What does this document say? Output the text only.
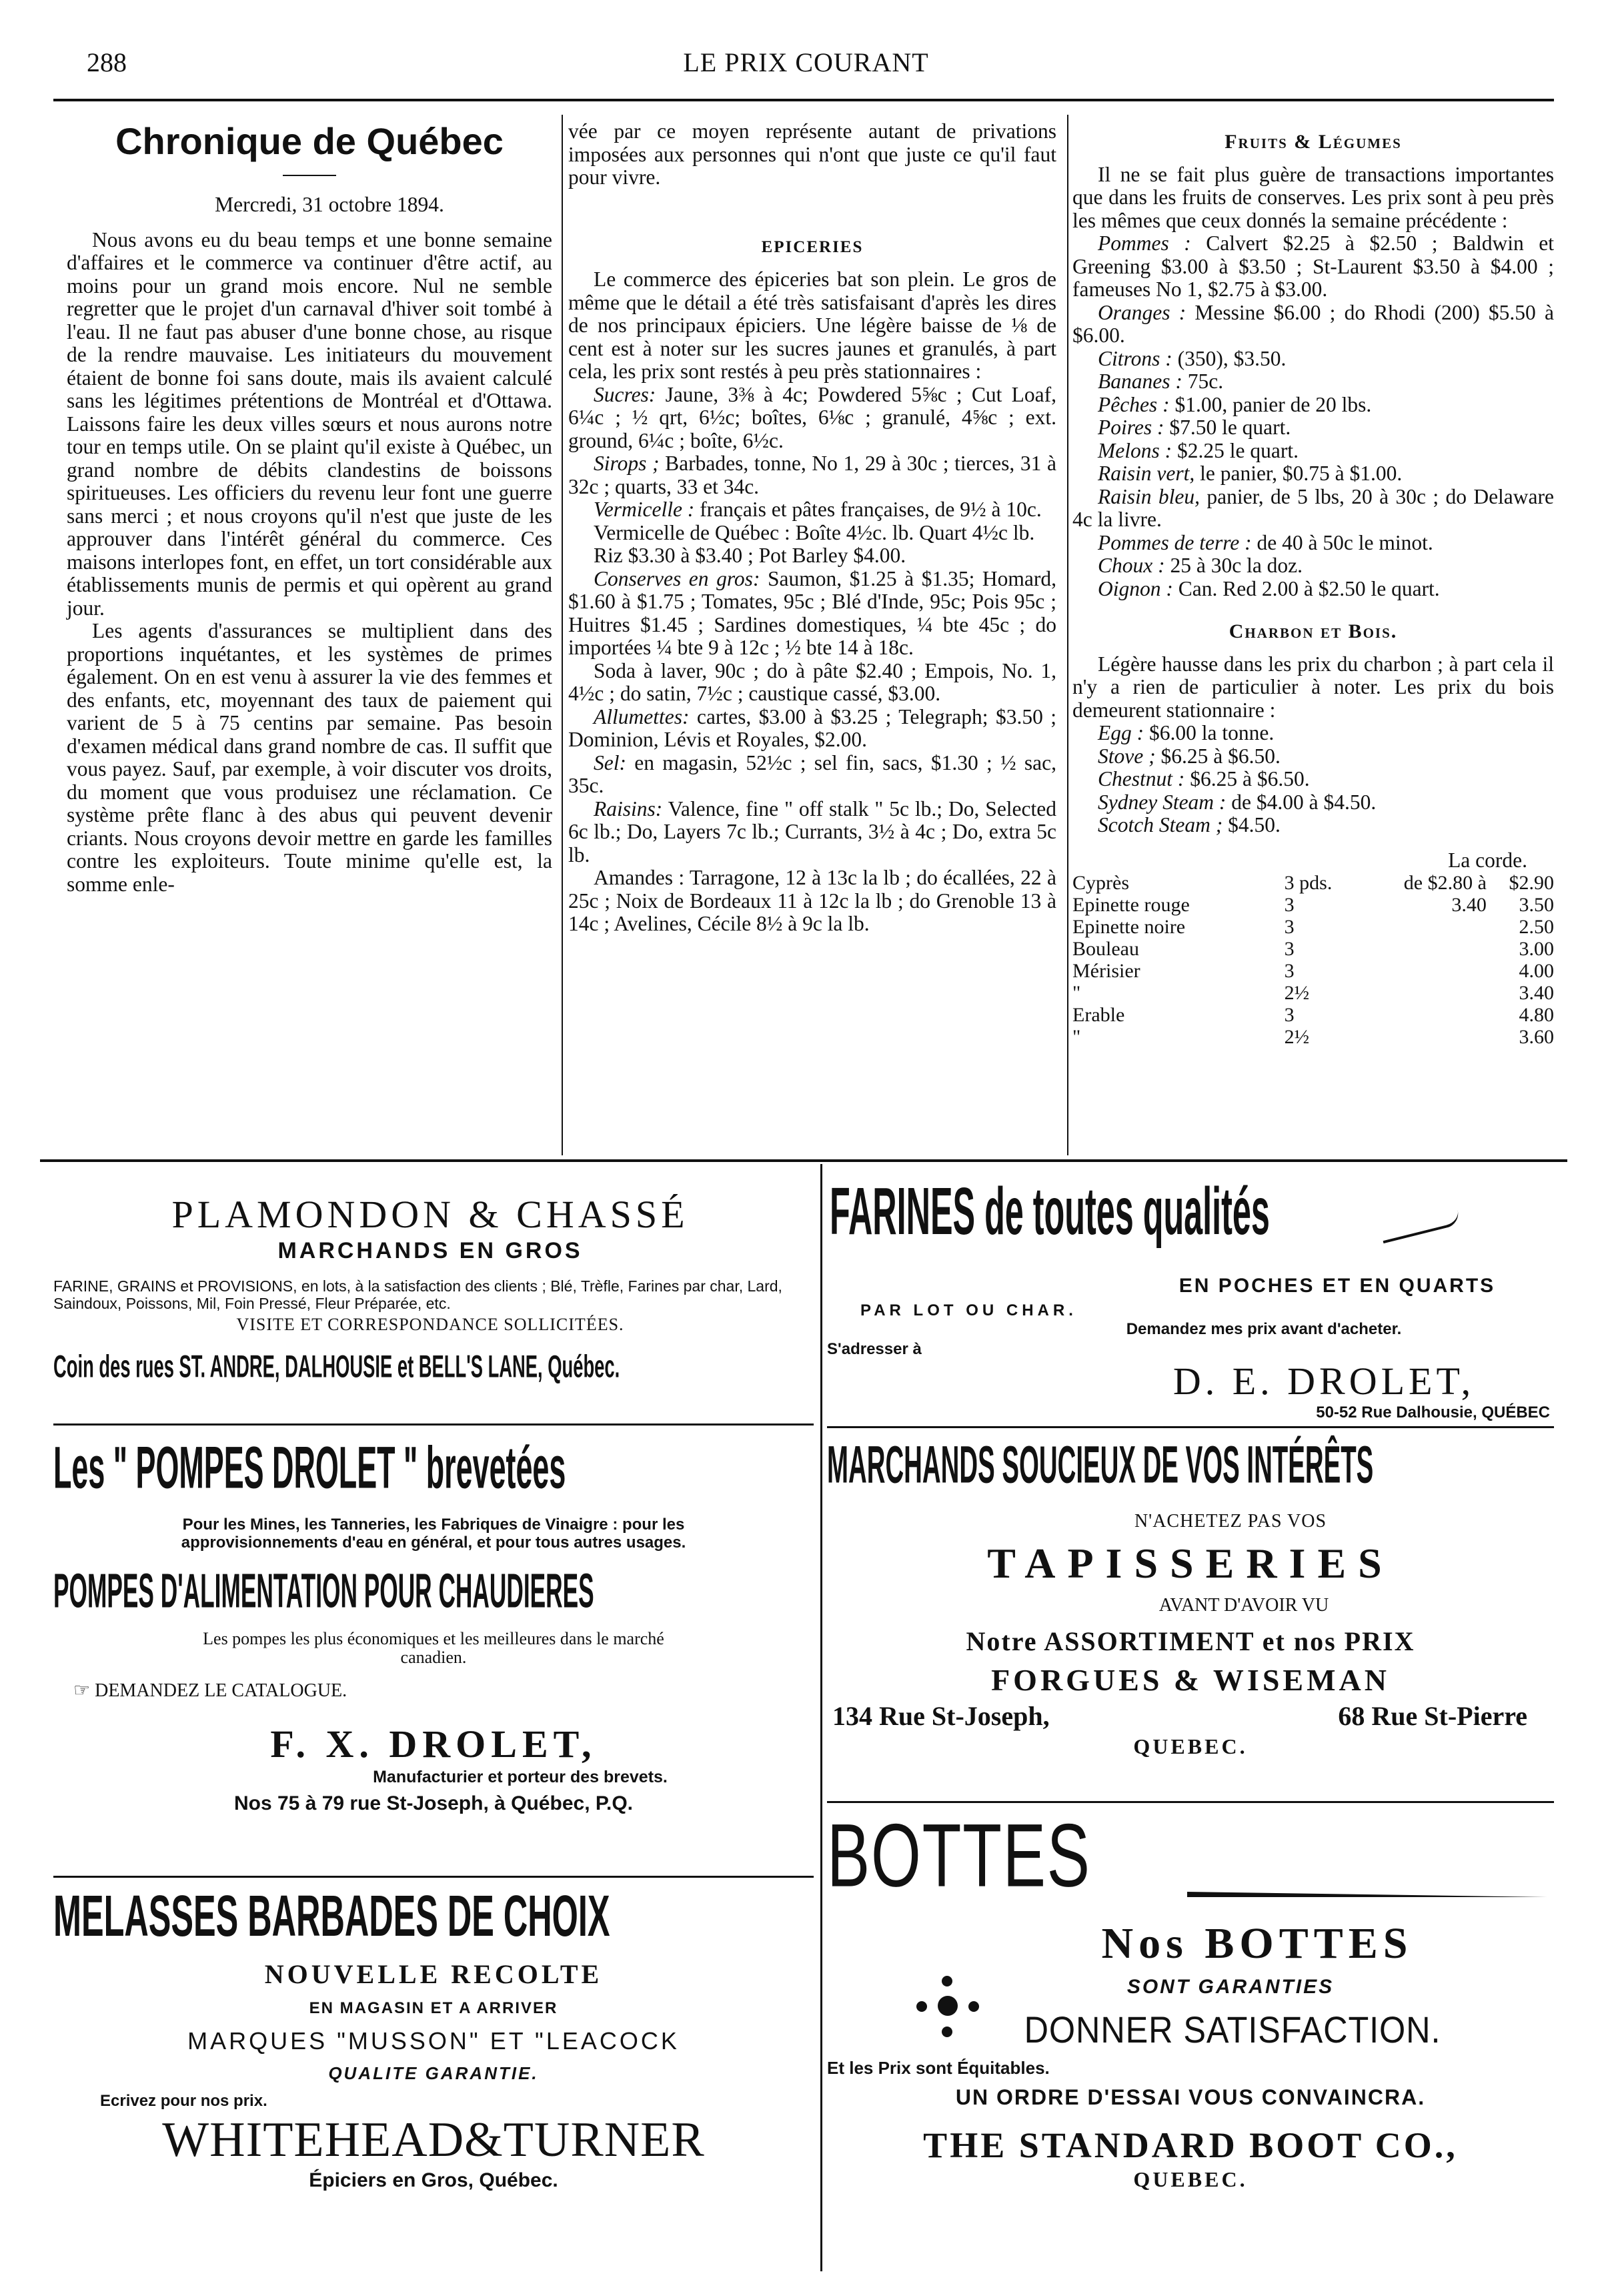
288	LE PRIX COURANT
Chronique de Québec

Mercredi, 31 octobre 1894.

Nous avons eu du beau temps et une bonne semaine d'affaires et le commerce va continuer d'être actif, au moins pour un grand mois encore. Nul ne semble regretter que le projet d'un carnaval d'hiver soit tombé à l'eau. Il ne faut pas abuser d'une bonne chose, au risque de la rendre mauvaise. Les initiateurs du mouvement étaient de bonne foi sans doute, mais ils avaient calculé sans les légitimes prétentions de Montréal et d'Ottawa. Laissons faire les deux villes sœurs et nous aurons notre tour en temps utile. On se plaint qu'il existe à Québec, un grand nombre de débits clandestins de boissons spiritueuses. Les officiers du revenu leur font une guerre sans merci ; et nous croyons qu'il n'est que juste de les approuver dans l'intérêt général du commerce. Ces maisons interlopes font, en effet, un tort considérable aux établissements munis de permis et qui opèrent au grand jour.

Les agents d'assurances se multiplient dans des proportions inquétantes, et les systèmes de primes également. On en est venu à assurer la vie des femmes et des enfants, etc, moyennant des taux de paiement qui varient de 5 à 75 centins par semaine. Pas besoin d'examen médical dans grand nombre de cas. Il suffit que vous payez. Sauf, par exemple, à voir discuter vos droits, du moment que vous produisez une réclamation. Ce système prête flanc à des abus qui peuvent devenir criants. Nous croyons devoir mettre en garde les familles contre les exploiteurs. Toute minime qu'elle est, la somme enle-

vée par ce moyen représente autant de privations imposées aux personnes qui n'ont que juste ce qu'il faut pour vivre.

EPICERIES

Le commerce des épiceries bat son plein. Le gros de même que le détail a été très satisfaisant d'après les dires de nos principaux épiciers. Une légère baisse de ⅛ de cent est à noter sur les sucres jaunes et granulés, à part cela, les prix sont restés à peu près stationnaires :

Sucres: Jaune, 3⅜ à 4c; Powdered 5⅝c ; Cut Loaf, 6¼c ; ½ qrt, 6½c; boîtes, 6⅛c ; granulé, 4⅝c ; ext. ground, 6¼c ; boîte, 6½c.

Sirops ; Barbades, tonne, No 1, 29 à 30c ; tierces, 31 à 32c ; quarts, 33 et 34c.

Vermicelle : français et pâtes françaises, de 9½ à 10c.

Vermicelle de Québec : Boîte 4½c. lb. Quart 4½c lb.

Riz $3.30 à $3.40 ; Pot Barley $4.00.

Conserves en gros: Saumon, $1.25 à $1.35; Homard, $1.60 à $1.75 ; Tomates, 95c ; Blé d'Inde, 95c; Pois 95c ; Huitres $1.45 ; Sardines domestiques, ¼ bte 45c ; do importées ¼ bte 9 à 12c ; ½ bte 14 à 18c.

Soda à laver, 90c ; do à pâte $2.40 ; Empois, No. 1, 4½c ; do satin, 7½c ; caustique cassé, $3.00.

Allumettes: cartes, $3.00 à $3.25 ; Telegraph; $3.50 ; Dominion, Lévis et Royales, $2.00.

Sel: en magasin, 52½c ; sel fin, sacs, $1.30 ; ½ sac, 35c.

Raisins: Valence, fine " off stalk " 5c lb.; Do, Selected 6c lb.; Do, Layers 7c lb.; Currants, 3½ à 4c ; Do, extra 5c lb.

Amandes : Tarragone, 12 à 13c la lb ; do écallées, 22 à 25c ; Noix de Bordeaux 11 à 12c la lb ; do Grenoble 13 à 14c ; Avelines, Cécile 8½ à 9c la lb.

Fruits & Légumes

Il ne se fait plus guère de transactions importantes que dans les fruits de conserves. Les prix sont à peu près les mêmes que ceux donnés la semaine précédente :

Pommes : Calvert $2.25 à $2.50 ; Baldwin et Greening $3.00 à $3.50 ; St-Laurent $3.50 à $4.00 ; fameuses No 1, $2.75 à $3.00.

Oranges : Messine $6.00 ; do Rhodi (200) $5.50 à $6.00.

Citrons : (350), $3.50.

Bananes : 75c.

Pêches : $1.00, panier de 20 lbs.

Poires : $7.50 le quart.

Melons : $2.25 le quart.

Raisin vert, le panier, $0.75 à $1.00.

Raisin bleu, panier, de 5 lbs, 20 à 30c ; do Delaware 4c la livre.

Pommes de terre : de 40 à 50c le minot.

Choux : 25 à 30c la doz.

Oignon : Can. Red 2.00 à $2.50 le quart.

Charbon et Bois.

Légère hausse dans les prix du charbon ; à part cela il n'y a rien de particulier à noter. Les prix du bois demeurent stationnaire :

Egg : $6.00 la tonne.

Stove ; $6.25 à $6.50.

Chestnut : $6.25 à $6.50.

Sydney Steam : de $4.00 à $4.50.

Scotch Steam ; $4.50.

La corde.
Cyprès	3 pds.	de $2.80 à	$2.90
Epinette rouge	3	3.40	3.50
Epinette noire	3		2.50
Bouleau	3		3.00
Mérisier	3		4.00
"	2½		3.40
Erable	3		4.80
"	2½		3.60
PLAMONDON & CHASSÉ
MARCHANDS EN GROS
FARINE, GRAINS et PROVISIONS, en lots, à la satisfaction des clients ; Blé, Trèfle, Farines par char, Lard, Saindoux, Poissons, Mil, Foin Pressé, Fleur Préparée, etc.
VISITE ET CORRESPONDANCE SOLLICITÉES.
Coin des rues ST. ANDRE, DALHOUSIE et BELL'S LANE, Québec.
Les " POMPES DROLET " brevetées
Pour les Mines, les Tanneries, les Fabriques de Vinaigre : pour les approvisionnements d'eau en général, et pour tous autres usages.
POMPES D'ALIMENTATION POUR CHAUDIERES
Les pompes les plus économiques et les meilleures dans le marché canadien.
☞ DEMANDEZ LE CATALOGUE.
F. X. DROLET,
Manufacturier et porteur des brevets.
Nos 75 à 79 rue St-Joseph, à Québec, P.Q.
MELASSES BARBADES DE CHOIX
NOUVELLE RECOLTE
EN MAGASIN ET A ARRIVER
MARQUES "MUSSON" ET "LEACOCK
QUALITE GARANTIE.
Ecrivez pour nos prix.
WHITEHEAD&TURNER
Épiciers en Gros, Québec.
FARINES de toutes qualités
EN POCHES ET EN QUARTS
PAR LOT OU CHAR.
Demandez mes prix avant d'acheter.
S'adresser à
D. E. DROLET,
50-52 Rue Dalhousie, QUÉBEC
MARCHANDS SOUCIEUX DE VOS INTÉRÊTS
N'ACHETEZ PAS VOS
TAPISSERIES
AVANT D'AVOIR VU
Notre ASSORTIMENT et nos PRIX
FORGUES & WISEMAN
134 Rue St-Joseph,	68 Rue St-Pierre
QUEBEC.
BOTTES
Nos BOTTES
SONT GARANTIES
DONNER SATISFACTION.
Et les Prix sont Équitables.
UN ORDRE D'ESSAI VOUS CONVAINCRA.
THE STANDARD BOOT CO.,
QUEBEC.
